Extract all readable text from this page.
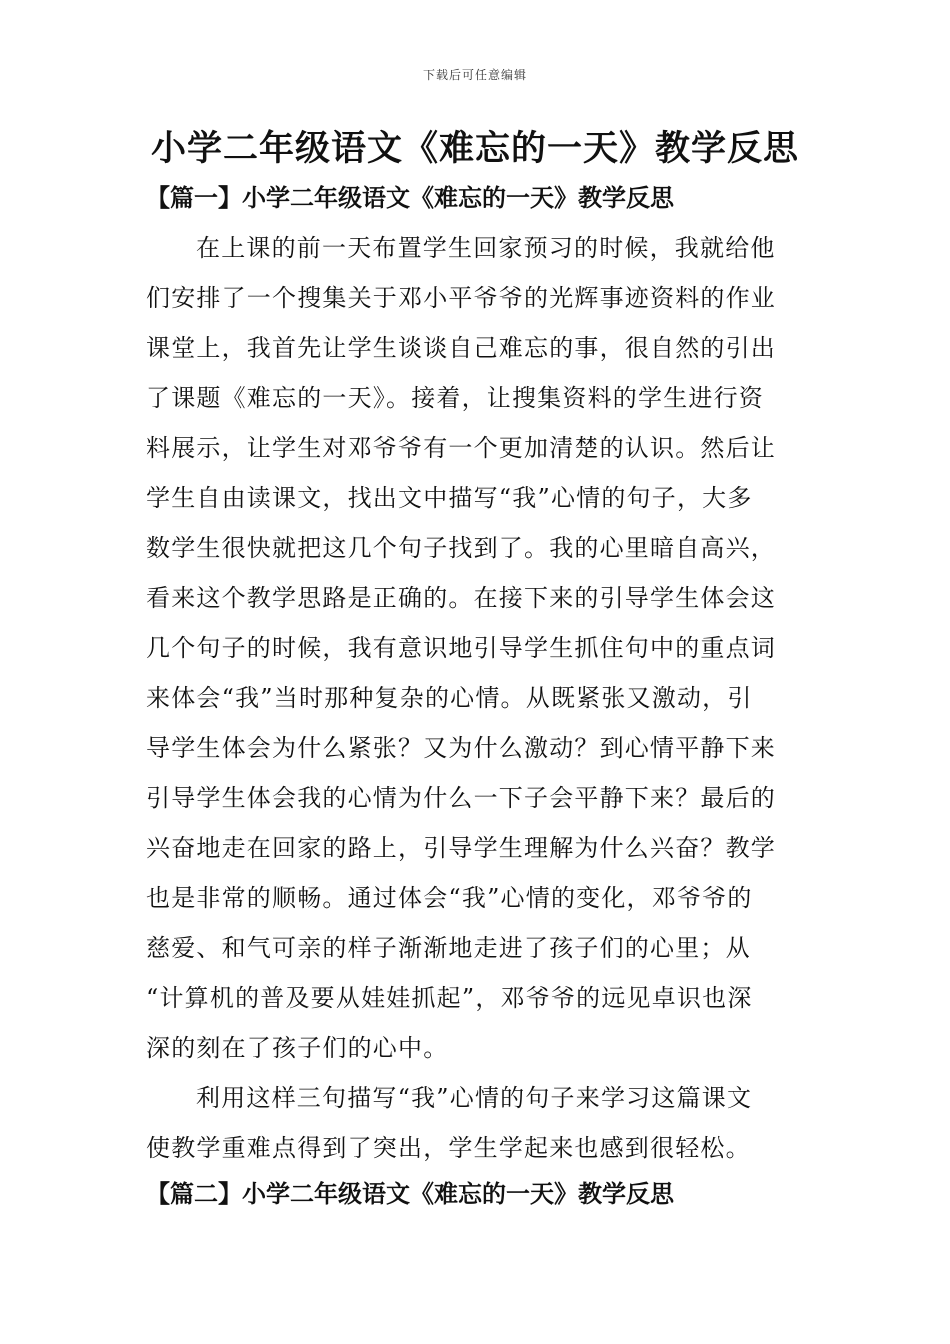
下载后可任意编辑
小学二年级语文《难忘的一天》教学反思
【篇一】小学二年级语文《难忘的一天》教学反思
在上课的前一天布置学生回家预习的时候，我就给他
们安排了一个搜集关于邓小平爷爷的光辉事迹资料的作业
课堂上，我首先让学生谈谈自己难忘的事，很自然的引出
了课题《难忘的一天》。接着，让搜集资料的学生进行资
料展示，让学生对邓爷爷有一个更加清楚的认识。然后让
学生自由读课文，找出文中描写“我”心情的句子，大多
数学生很快就把这几个句子找到了。我的心里暗自高兴，
看来这个教学思路是正确的。在接下来的引导学生体会这
几个句子的时候，我有意识地引导学生抓住句中的重点词
来体会“我”当时那种复杂的心情。从既紧张又激动，引
导学生体会为什么紧张？又为什么激动？到心情平静下来
引导学生体会我的心情为什么一下子会平静下来？最后的
兴奋地走在回家的路上，引导学生理解为什么兴奋？教学
也是非常的顺畅。通过体会“我”心情的变化，邓爷爷的
慈爱、和气可亲的样子渐渐地走进了孩子们的心里；从
“计算机的普及要从娃娃抓起”，邓爷爷的远见卓识也深
深的刻在了孩子们的心中。
利用这样三句描写“我”心情的句子来学习这篇课文
使教学重难点得到了突出，学生学起来也感到很轻松。
【篇二】小学二年级语文《难忘的一天》教学反思
